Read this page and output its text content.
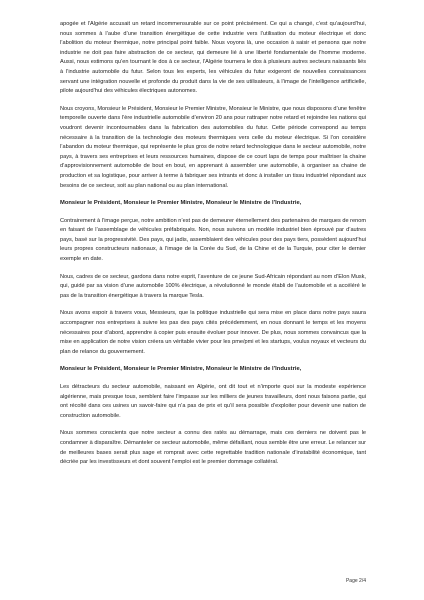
apogée et l’Algérie accusait un retard incommensurable sur ce point précisément. Ce qui a changé, c’est qu’aujourd’hui, nous sommes à l’aube d’une transition énergétique de cette industrie vers l’utilisation du moteur électrique et donc l’abolition du moteur thermique, notre principal point faible. Nous voyons là, une occasion à saisir et pensons que notre industrie ne doit pas faire abstraction de ce secteur, qui demeure lié à une liberté fondamentale de l’homme moderne. Aussi, nous estimons qu’en tournant le dos à ce secteur, l’Algérie tournera le dos à plusieurs autres secteurs naissants liés à l’industrie automobile du futur. Selon tous les experts, les véhicules du futur exigeront de nouvelles connaissances servant une intégration nouvelle et profonde du produit dans la vie de ses utilisateurs, à l’image de l’intelligence artificielle, pilote aujourd’hui des véhicules électriques autonomes.

Nous croyons, Monsieur le Président, Monsieur le Premier Ministre, Monsieur le Ministre, que nous disposons d’une fenêtre temporelle ouverte dans l’ère industrielle automobile d’environ 20 ans pour rattraper notre retard et rejoindre les nations qui voudront devenir incontournables dans la fabrication des automobiles du futur. Cette période correspond au temps nécessaire à la transition de la technologie des moteurs thermiques vers celle du moteur électrique. Si l’on considère l’abandon du moteur thermique, qui représente le plus gros de notre retard technologique dans le secteur automobile, notre pays, à travers ses entreprises et leurs ressources humaines, dispose de ce court laps de temps pour maîtriser la chaine d’approvisionnement automobile de bout en bout, en apprenant à assembler une automobile, à organiser sa chaine de production et sa logistique, pour arriver à terme à fabriquer ses intrants et donc à installer un tissu industriel répondant aux besoins de ce secteur, soit au plan national ou au plan international.

Monsieur le Président, Monsieur le Premier Ministre, Monsieur le Ministre de l’Industrie,

Contrairement à l’image perçue, notre ambition n’est pas de demeurer éternellement des partenaires de marques de renom en faisant de l’assemblage de véhicules préfabriqués. Non, nous suivons un modèle industriel bien éprouvé par d’autres pays, basé sur la progressivité. Des pays, qui jadis, assemblaient des véhicules pour des pays tiers, possèdent aujourd’hui leurs propres constructeurs nationaux, à l’image de la Corée du Sud, de la Chine et de la Turquie, pour citer le dernier exemple en date.

Nous, cadres de ce secteur, gardons dans notre esprit, l’aventure de ce jeune Sud-Africain répondant au nom d’Elon Musk, qui, guidé par sa vision d’une automobile 100% électrique, a révolutionné le monde établi de l’automobile et a accéléré le pas de la transition énergétique à travers la marque Tesla.

Nous avons espoir à travers vous, Messieurs, que la politique industrielle qui sera mise en place dans notre pays saura accompagner nos entreprises à suivre les pas des pays cités précédemment, en nous donnant le temps et les moyens nécessaires pour d’abord, apprendre à copier puis ensuite évoluer pour innover. De plus, nous sommes convaincus que la mise en application de notre vision créera un véritable vivier pour les pme/pmi et les startups, voulus noyaux et vecteurs du plan de relance du gouvernement.

Monsieur le Président, Monsieur le Premier Ministre, Monsieur le Ministre de l’Industrie,

Les détracteurs du secteur automobile, naissant en Algérie, ont dit tout et n’importe quoi sur la modeste expérience algérienne, mais presque tous, semblent faire l’impasse sur les milliers de jeunes travailleurs, dont nous faisons partie, qui ont récolté dans ces usines un savoir-faire qui n’a pas de prix et qu’il sera possible d’exploiter pour devenir une nation de construction automobile.

Nous sommes conscients que notre secteur a connu des ratés au démarrage, mais ces derniers ne doivent pas le condamner à disparaître. Démanteler ce secteur automobile, même défaillant, nous semble être une erreur. Le relancer sur de meilleures bases serait plus sage et romprait avec cette regrettable tradition nationale d’instabilité économique, tant décriée par les investisseurs et dont souvent l’emploi est le premier dommage collatéral.

Page 2/4
